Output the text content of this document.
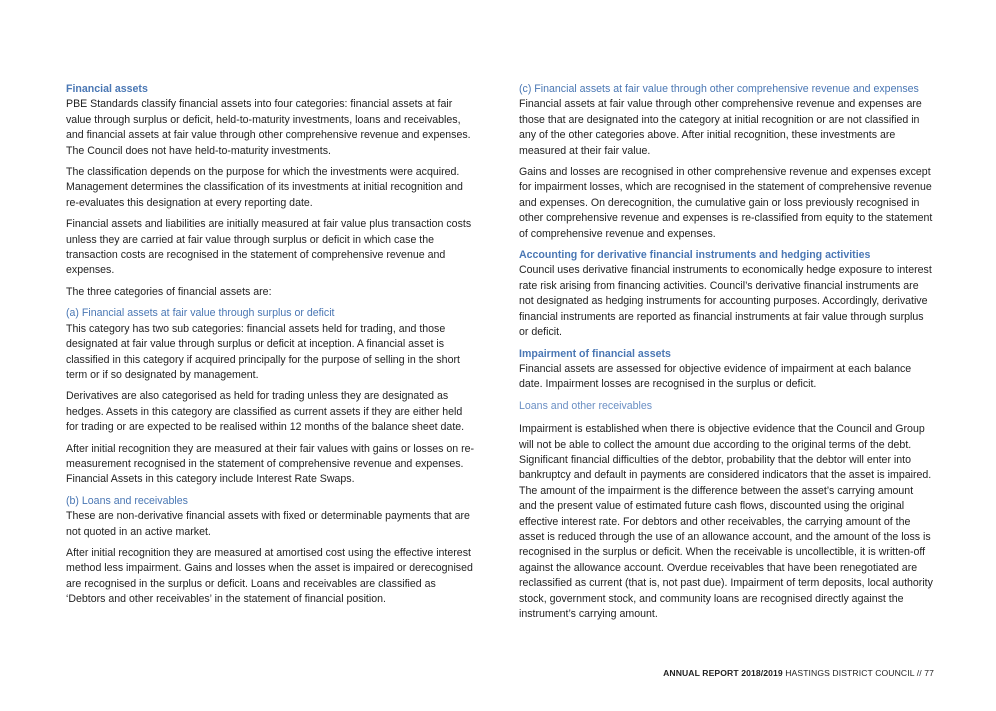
Financial assets

PBE Standards classify financial assets into four categories: financial assets at fair value through surplus or deficit, held-to-maturity investments, loans and receivables, and financial assets at fair value through other comprehensive revenue and expenses. The Council does not have held-to-maturity investments.

The classification depends on the purpose for which the investments were acquired. Management determines the classification of its investments at initial recognition and re-evaluates this designation at every reporting date.

Financial assets and liabilities are initially measured at fair value plus transaction costs unless they are carried at fair value through surplus or deficit in which case the transaction costs are recognised in the statement of comprehensive revenue and expenses.

The three categories of financial assets are:

(a) Financial assets at fair value through surplus or deficit

This category has two sub categories: financial assets held for trading, and those designated at fair value through surplus or deficit at inception. A financial asset is classified in this category if acquired principally for the purpose of selling in the short term or if so designated by management.

Derivatives are also categorised as held for trading unless they are designated as hedges. Assets in this category are classified as current assets if they are either held for trading or are expected to be realised within 12 months of the balance sheet date.

After initial recognition they are measured at their fair values with gains or losses on re-measurement recognised in the statement of comprehensive revenue and expenses. Financial Assets in this category include Interest Rate Swaps.

(b) Loans and receivables

These are non-derivative financial assets with fixed or determinable payments that are not quoted in an active market.

After initial recognition they are measured at amortised cost using the effective interest method less impairment. Gains and losses when the asset is impaired or derecognised are recognised in the surplus or deficit. Loans and receivables are classified as ‘Debtors and other receivables’ in the statement of financial position.

(c) Financial assets at fair value through other comprehensive revenue and expenses

Financial assets at fair value through other comprehensive revenue and expenses are those that are designated into the category at initial recognition or are not classified in any of the other categories above. After initial recognition, these investments are measured at their fair value.

Gains and losses are recognised in other comprehensive revenue and expenses except for impairment losses, which are recognised in the statement of comprehensive revenue and expenses. On derecognition, the cumulative gain or loss previously recognised in other comprehensive revenue and expenses is re-classified from equity to the statement of comprehensive revenue and expenses.

Accounting for derivative financial instruments and hedging activities

Council uses derivative financial instruments to economically hedge exposure to interest rate risk arising from financing activities. Council’s derivative financial instruments are not designated as hedging instruments for accounting purposes. Accordingly, derivative financial instruments are reported as financial instruments at fair value through surplus or deficit.

Impairment of financial assets

Financial assets are assessed for objective evidence of impairment at each balance date. Impairment losses are recognised in the surplus or deficit.

Loans and other receivables

Impairment is established when there is objective evidence that the Council and Group will not be able to collect the amount due according to the original terms of the debt. Significant financial difficulties of the debtor, probability that the debtor will enter into bankruptcy and default in payments are considered indicators that the asset is impaired. The amount of the impairment is the difference between the asset’s carrying amount and the present value of estimated future cash flows, discounted using the original effective interest rate. For debtors and other receivables, the carrying amount of the asset is reduced through the use of an allowance account, and the amount of the loss is recognised in the surplus or deficit. When the receivable is uncollectible, it is written-off against the allowance account. Overdue receivables that have been renegotiated are reclassified as current (that is, not past due). Impairment of term deposits, local authority stock, government stock, and community loans are recognised directly against the instrument’s carrying amount.

ANNUAL REPORT 2018/2019 HASTINGS DISTRICT COUNCIL // 77
